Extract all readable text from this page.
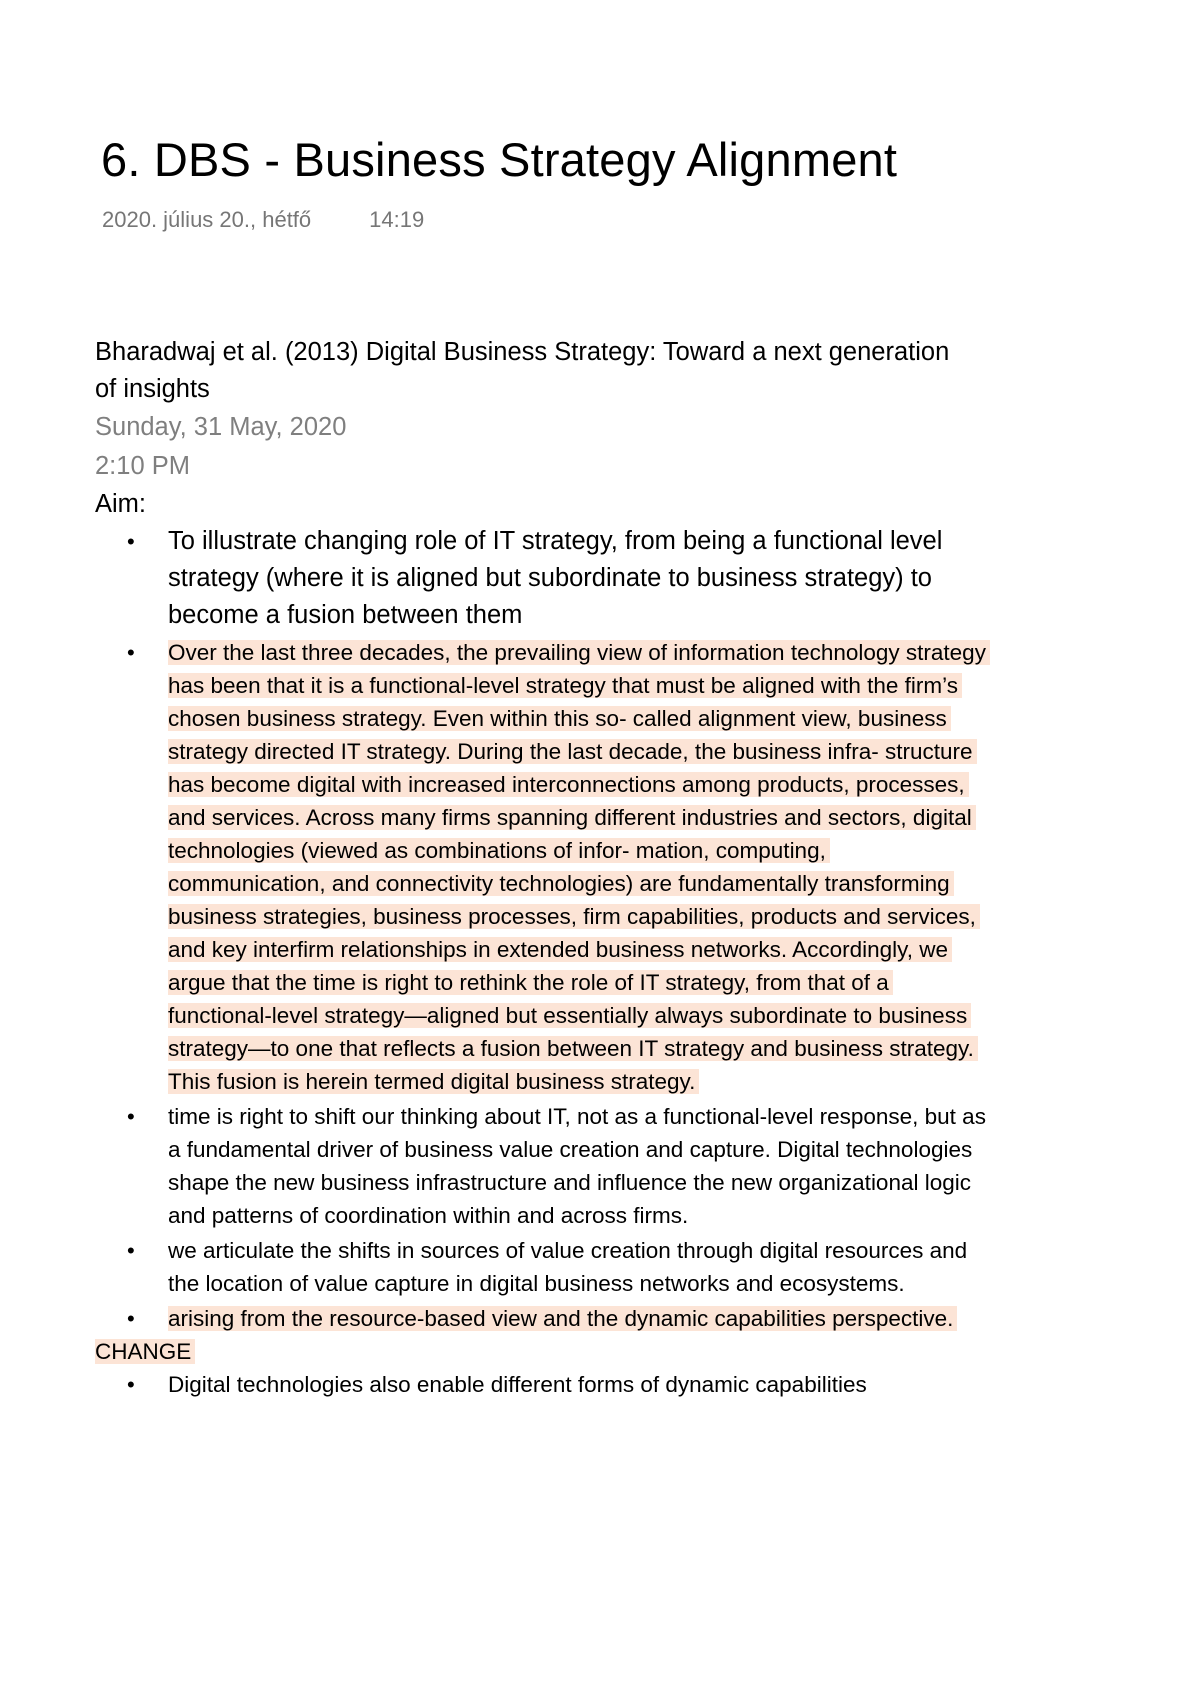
6. DBS - Business Strategy Alignment
2020. július 20., hétfő	14:19
Bharadwaj et al. (2013) Digital Business Strategy: Toward a next generation of insights
Sunday, 31 May, 2020
2:10 PM
Aim:
• To illustrate changing role of IT strategy, from being a functional level strategy (where it is aligned but subordinate to business strategy) to become a fusion between them
• Over the last three decades, the prevailing view of information technology strategy has been that it is a functional-level strategy that must be aligned with the firm’s chosen business strategy. Even within this so- called alignment view, business strategy directed IT strategy. During the last decade, the business infra- structure has become digital with increased interconnections among products, processes, and services. Across many firms spanning different industries and sectors, digital technologies (viewed as combinations of infor- mation, computing, communication, and connectivity technologies) are fundamentally transforming business strategies, business processes, firm capabilities, products and services, and key interfirm relationships in extended business networks. Accordingly, we argue that the time is right to rethink the role of IT strategy, from that of a functional-level strategy—aligned but essentially always subordinate to business strategy—to one that reflects a fusion between IT strategy and business strategy. This fusion is herein termed digital business strategy.
• time is right to shift our thinking about IT, not as a functional-level response, but as a fundamental driver of business value creation and capture. Digital technologies shape the new business infrastructure and influence the new organizational logic and patterns of coordination within and across firms.
• we articulate the shifts in sources of value creation through digital resources and the location of value capture in digital business networks and ecosystems.
• arising from the resource-based view and the dynamic capabilities perspective.
CHANGE
• Digital technologies also enable different forms of dynamic capabilities
